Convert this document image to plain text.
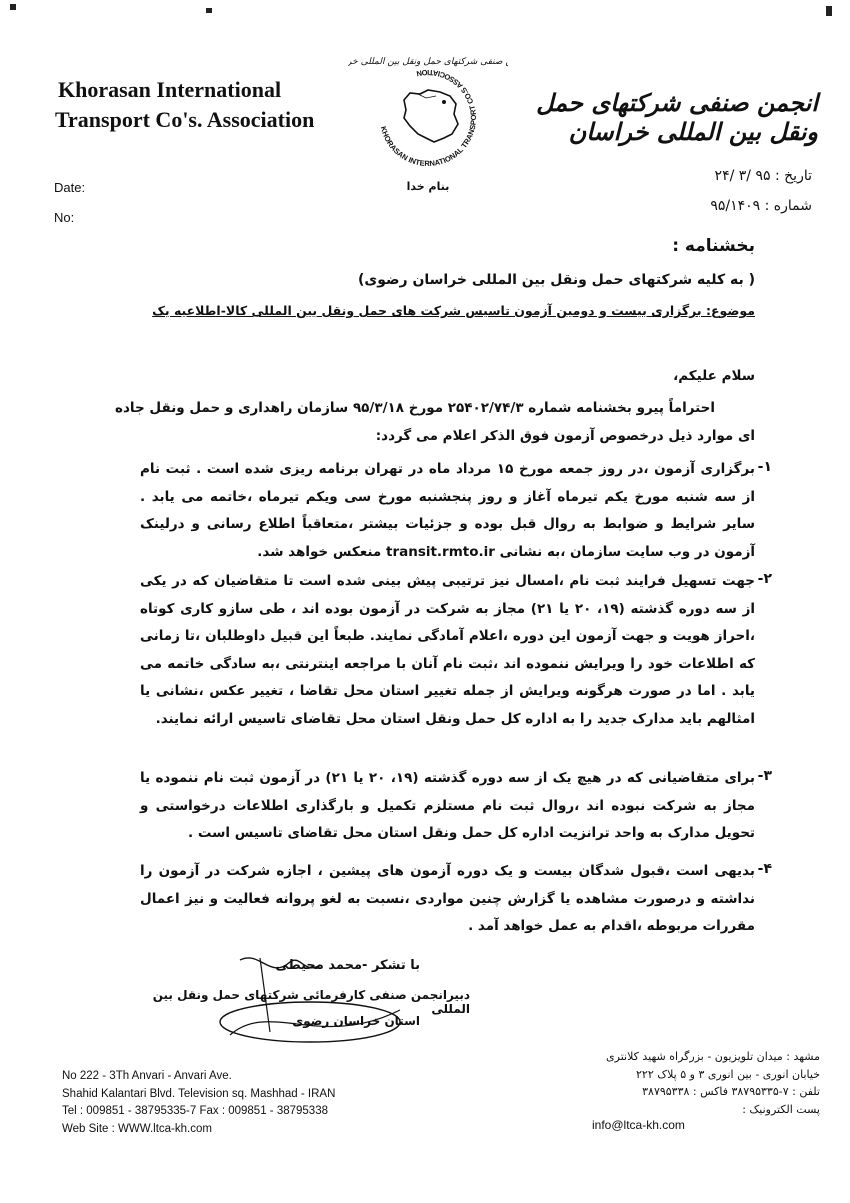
Khorasan International
Transport Co's. Association	KHORASAN INTERNATIONAL TRANSPORT CO.S ASSOCIATION
صنفی شرکتهای حمل ونقل بین المللی خ
بنام خدا
انجمن صنفی شرکتهای حمل ونقل بین المللی خراسان
Date:
No:
تاریخ : ۹۵ /۳ /۲۴
شماره : ۹۵/۱۴۰۹
بخشنامه :
( به کلیه شرکتهای حمل ونقل بین المللی خراسان رضوی)
موضوع: برگزاری بیست و دومین آزمون تاسیس شرکت های حمل ونقل بین المللی کالا-اطلاعیه یک
سلام علیکم،
احتراماً پیرو بخشنامه شماره ۲۵۴۰۲/۷۴/۳ مورخ ۹۵/۳/۱۸ سازمان راهداری و حمل ونقل جاده ای موارد ذیل درخصوص آزمون فوق الذکر اعلام می گردد:
-۱
برگزاری آزمون ،در روز جمعه مورخ ۱۵ مرداد ماه در تهران برنامه ریزی شده است . ثبت نام از سه شنبه مورخ یکم تیرماه آغاز و روز پنجشنبه مورخ سی ویکم تیرماه ،خاتمه می یابد . سایر شرایط و ضوابط به روال قبل بوده و جزئیات بیشتر ،متعاقباً اطلاع رسانی و درلینک آزمون در وب سایت سازمان ،به نشانی transit.rmto.ir منعکس خواهد شد.
-۲
جهت تسهیل فرایند ثبت نام ،امسال نیز ترتیبی پیش بینی شده است تا متقاضیان که در یکی از سه دوره گذشته (۱۹، ۲۰ یا ۲۱) مجاز به شرکت در آزمون بوده اند ، طی سازو کاری کوتاه ،احراز هویت و جهت آزمون این دوره ،اعلام آمادگی نمایند. طبعاً این قبیل داوطلبان ،تا زمانی که اطلاعات خود را ویرایش ننموده اند ،ثبت نام آنان با مراجعه اینترنتی ،به سادگی خاتمه می یابد . اما در صورت هرگونه ویرایش از جمله تغییر استان محل تقاضا ، تغییر عکس ،نشانی یا امثالهم باید مدارک جدید را به اداره کل حمل ونقل استان محل تقاضای تاسیس ارائه نمایند.
-۳
برای متقاضیانی که در هیچ یک از سه دوره گذشته (۱۹، ۲۰ یا ۲۱) در آزمون ثبت نام ننموده یا مجاز به شرکت نبوده اند ،روال ثبت نام مستلزم تکمیل و بارگذاری اطلاعات درخواستی و تحویل مدارک به واحد ترانزیت اداره کل حمل ونقل استان محل تقاضای تاسیس است .
-۴
بدیهی است ،قبول شدگان بیست و یک دوره آزمون های پیشین ، اجازه شرکت در آزمون را نداشته و درصورت مشاهده یا گزارش چنین مواردی ،نسبت به لغو پروانه فعالیت و نیز اعمال مقررات مربوطه ،اقدام به عمل خواهد آمد .
با تشکر -محمد محیطی
دبیرانجمن صنفی کارفرمائی شرکتهای حمل ونقل بین المللی
استان خراسان رضوی
No 222 - 3Th Anvari - Anvari Ave.
Shahid Kalantari Blvd. Television sq. Mashhad - IRAN
Tel : 009851 - 38795335-7 Fax : 009851 - 38795338
Web Site : WWW.ltca-kh.com
مشهد : میدان تلویزیون - بزرگراه شهید کلانتری
خیابان انوری - بین انوری ۳ و ۵ پلاک ۲۲۲
تلفن : ۷-۳۸۷۹۵۳۳۵ فاکس : ۳۸۷۹۵۳۳۸
پست الکترونیک :
info@ltca-kh.com
